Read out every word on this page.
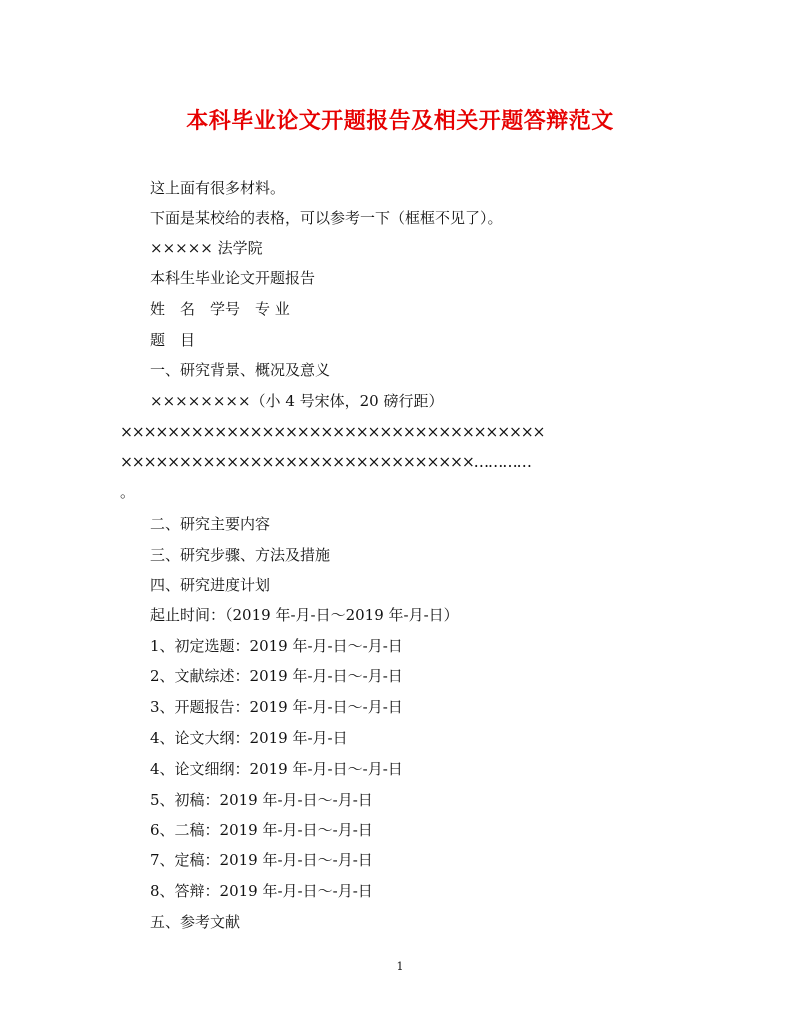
本科毕业论文开题报告及相关开题答辩范文
这上面有很多材料。
下面是某校给的表格，可以参考一下（框框不见了）。
××××× 法学院
本科生毕业论文开题报告
姓　名　学号　专 业
题　目
一、研究背景、概况及意义
××××××××（小 4 号宋体，20 磅行距）
××××××××××××××××××××××××××××××××××××
××××××××××××××××××××××××××××××…………
。
二、研究主要内容
三、研究步骤、方法及措施
四、研究进度计划
起止时间：（2019 年-月-日～2019 年-月-日）
1、初定选题：2019 年-月-日～-月-日
2、文献综述：2019 年-月-日～-月-日
3、开题报告：2019 年-月-日～-月-日
4、论文大纲：2019 年-月-日
4、论文细纲：2019 年-月-日～-月-日
5、初稿：2019 年-月-日～-月-日
6、二稿：2019 年-月-日～-月-日
7、定稿：2019 年-月-日～-月-日
8、答辩：2019 年-月-日～-月-日
五、参考文献
1
